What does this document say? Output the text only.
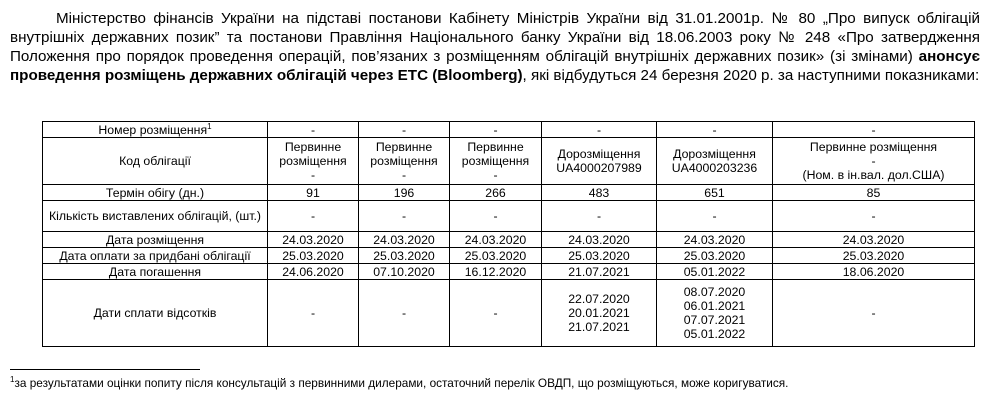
Міністерство фінансів України на підставі постанови Кабінету Міністрів України від 31.01.2001р. № 80 „Про випуск облігацій внутрішніх державних позик” та постанови Правління Національного банку України від 18.06.2003 року № 248 «Про затвердження Положення про порядок проведення операцій, пов’язаних з розміщенням облігацій внутрішніх державних позик» (зі змінами) анонсує проведення розміщень державних облігацій через ЕТС (Bloomberg), які відбудуться 24 березня 2020 р. за наступними показниками:

Номер розміщення$^1$	-	-	-	-	-	-
Код облігації	Первинне
розміщення
-	Первинне
розміщення
-	Первинне
розміщення
-	Дорозміщення
UA4000207989	Дорозміщення
UA4000203236	Первинне розміщення
-
(Ном. в ін.вал. дол.США)

Термін обігу (дн.)	91	196	266	483	651	85
Кількість виставлених облігацій, (шт.)	-	-	-	-	-	-
Дата розміщення	24.03.2020	24.03.2020	24.03.2020	24.03.2020	24.03.2020	24.03.2020
Дата оплати за придбані облігації	25.03.2020	25.03.2020	25.03.2020	25.03.2020	25.03.2020	25.03.2020
Дата погашення	24.06.2020	07.10.2020	16.12.2020	21.07.2021	05.01.2022	18.06.2020
Дати сплати відсотків	-	-	-	22.07.2020
20.01.2021
21.07.2021	08.07.2020
06.01.2021
07.07.2021
05.01.2022	-
$^1$за результатами оцінки попиту після консультацій з первинними дилерами, остаточний перелік ОВДП, що розміщуються, може коригуватися.
